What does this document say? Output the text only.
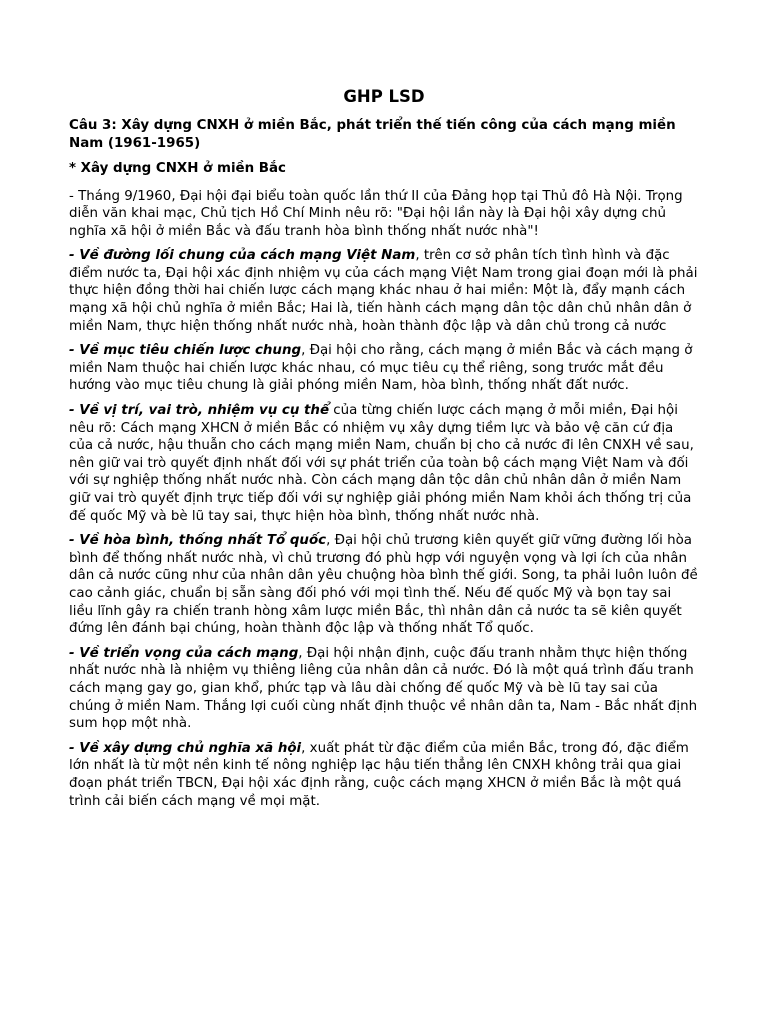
GHP LSD
Câu 3: Xây dựng CNXH ở miền Bắc, phát triển thế tiến công của cách mạng miền Nam (1961-1965)
* Xây dựng CNXH ở miền Bắc

- Tháng 9/1960, Đại hội đại biểu toàn quốc lần thứ II của Đảng họp tại Thủ đô Hà Nội. Trọng diễn văn khai mạc, Chủ tịch Hồ Chí Minh nêu rõ: "Đại hội lần này là Đại hội xây dựng chủ nghĩa xã hội ở miền Bắc và đấu tranh hòa bình thống nhất nước nhà"!

- Về đường lối chung của cách mạng Việt Nam, trên cơ sở phân tích tình hình và đặc điểm nước ta, Đại hội xác định nhiệm vụ của cách mạng Việt Nam trong giai đoạn mới là phải thực hiện đồng thời hai chiến lược cách mạng khác nhau ở hai miền: Một là, đẩy mạnh cách mạng xã hội chủ nghĩa ở miền Bắc; Hai là, tiến hành cách mạng dân tộc dân chủ nhân dân ở miền Nam, thực hiện thống nhất nước nhà, hoàn thành độc lập và dân chủ trong cả nước

- Về mục tiêu chiến lược chung, Đại hội cho rằng, cách mạng ở miền Bắc và cách mạng ở miền Nam thuộc hai chiến lược khác nhau, có mục tiêu cụ thể riêng, song trước mắt đều hướng vào mục tiêu chung là giải phóng miền Nam, hòa bình, thống nhất đất nước.

- Về vị trí, vai trò, nhiệm vụ cụ thể của từng chiến lược cách mạng ở mỗi miền, Đại hội nêu rõ: Cách mạng XHCN ở miền Bắc có nhiệm vụ xây dựng tiềm lực và bảo vệ căn cứ địa của cả nước, hậu thuẫn cho cách mạng miền Nam, chuẩn bị cho cả nước đi lên CNXH về sau, nên giữ vai trò quyết định nhất đối với sự phát triển của toàn bộ cách mạng Việt Nam và đối với sự nghiệp thống nhất nước nhà. Còn cách mạng dân tộc dân chủ nhân dân ở miền Nam giữ vai trò quyết định trực tiếp đối với sự nghiệp giải phóng miền Nam khỏi ách thống trị của đế quốc Mỹ và bè lũ tay sai, thực hiện hòa bình, thống nhất nước nhà.

- Về hòa bình, thống nhất Tổ quốc, Đại hội chủ trương kiên quyết giữ vững đường lối hòa bình để thống nhất nước nhà, vì chủ trương đó phù hợp với nguyện vọng và lợi ích của nhân dân cả nước cũng như của nhân dân yêu chuộng hòa bình thế giới. Song, ta phải luôn luôn đề cao cảnh giác, chuẩn bị sẵn sàng đối phó với mọi tình thế. Nếu đế quốc Mỹ và bọn tay sai liều lĩnh gây ra chiến tranh hòng xâm lược miền Bắc, thì nhân dân cả nước ta sẽ kiên quyết đứng lên đánh bại chúng, hoàn thành độc lập và thống nhất Tổ quốc.

- Về triển vọng của cách mạng, Đại hội nhận định, cuộc đấu tranh nhằm thực hiện thống nhất nước nhà là nhiệm vụ thiêng liêng của nhân dân cả nước. Đó là một quá trình đấu tranh cách mạng gay go, gian khổ, phức tạp và lâu dài chống đế quốc Mỹ và bè lũ tay sai của chúng ở miền Nam. Thắng lợi cuối cùng nhất định thuộc về nhân dân ta, Nam - Bắc nhất định sum họp một nhà.

- Về xây dựng chủ nghĩa xã hội, xuất phát từ đặc điểm của miền Bắc, trong đó, đặc điểm lớn nhất là từ một nền kinh tế nông nghiệp lạc hậu tiến thẳng lên CNXH không trải qua giai đoạn phát triển TBCN, Đại hội xác định rằng, cuộc cách mạng XHCN ở miền Bắc là một quá trình cải biến cách mạng về mọi mặt.
